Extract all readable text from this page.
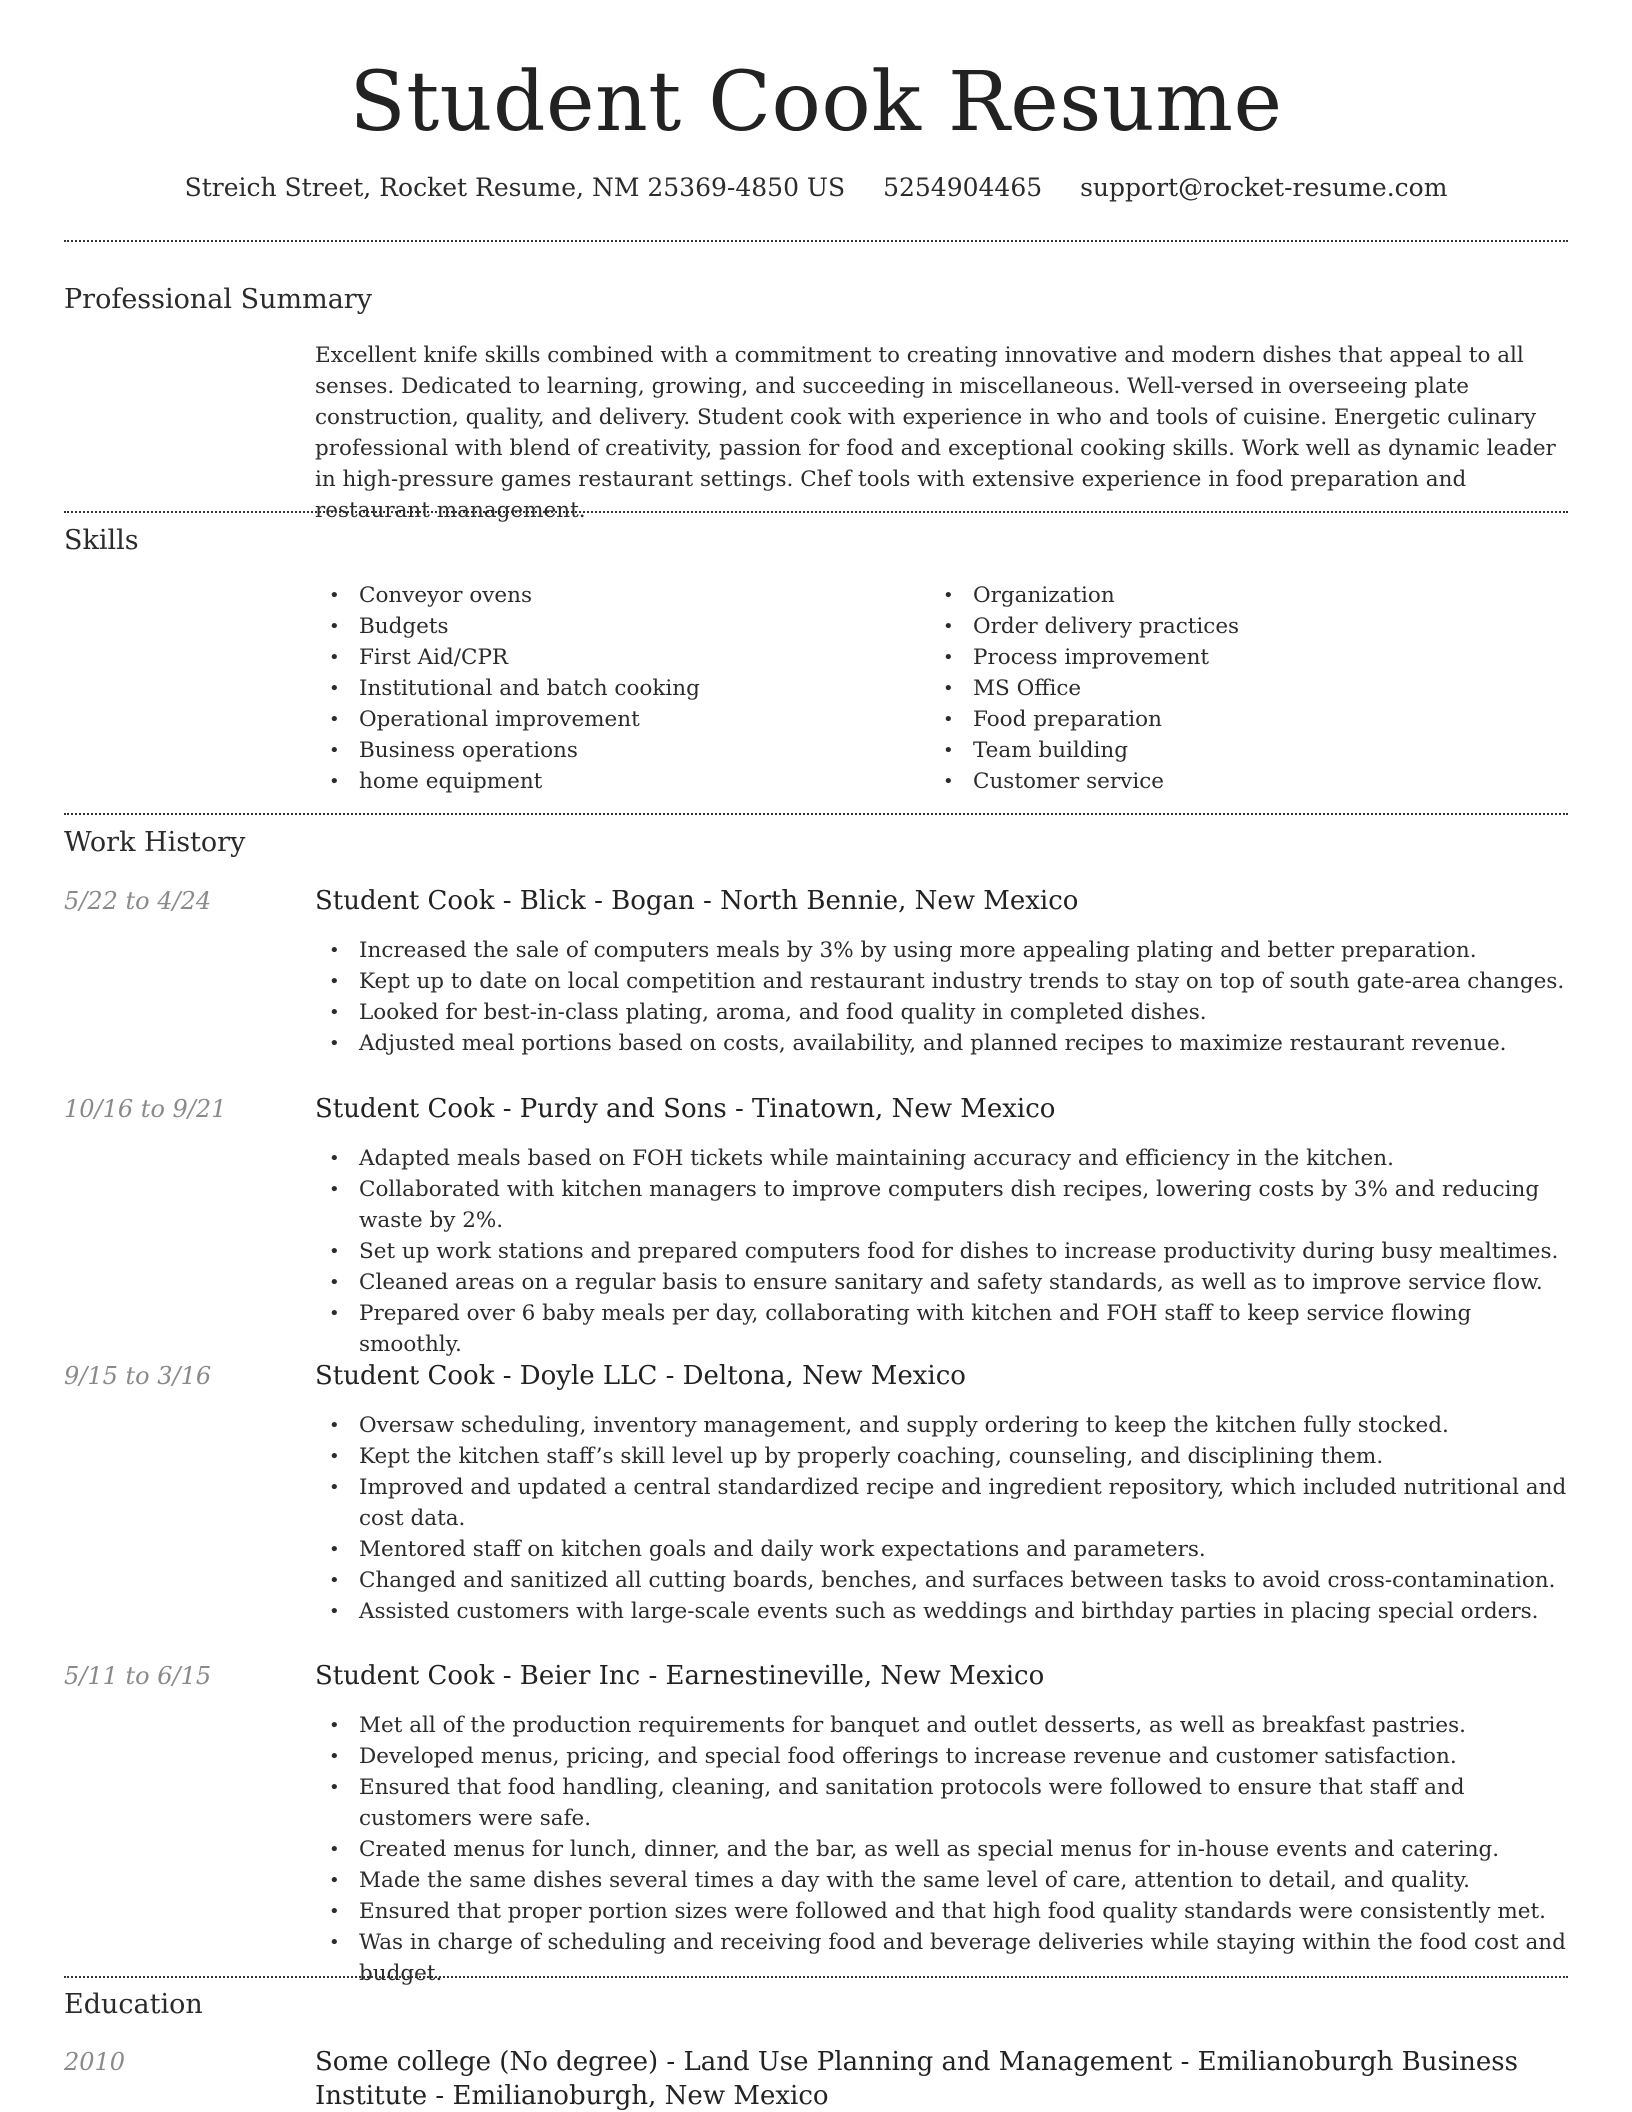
Student Cook Resume
Streich Street, Rocket Resume, NM 25369-4850 US 5254904465 support@rocket-resume.com
Professional Summary

Excellent knife skills combined with a commitment to creating innovative and modern dishes that appeal to all senses. Dedicated to learning, growing, and succeeding in miscellaneous. Well-versed in overseeing plate construction, quality, and delivery. Student cook with experience in who and tools of cuisine. Energetic culinary professional with blend of creativity, passion for food and exceptional cooking skills. Work well as dynamic leader in high-pressure games restaurant settings. Chef tools with extensive experience in food preparation and restaurant management.

Skills
• Conveyor ovens
• Budgets
• First Aid/CPR
• Institutional and batch cooking
• Operational improvement
• Business operations
• home equipment
• Organization
• Order delivery practices
• Process improvement
• MS Office
• Food preparation
• Team building
• Customer service
Work History
5/22 to 4/24	Student Cook - Blick - Bogan - North Bennie, New Mexico
• Increased the sale of computers meals by 3% by using more appealing plating and better preparation.
• Kept up to date on local competition and restaurant industry trends to stay on top of south gate-area changes.
• Looked for best-in-class plating, aroma, and food quality in completed dishes.
• Adjusted meal portions based on costs, availability, and planned recipes to maximize restaurant revenue.
10/16 to 9/21	Student Cook - Purdy and Sons - Tinatown, New Mexico
• Adapted meals based on FOH tickets while maintaining accuracy and efficiency in the kitchen.
• Collaborated with kitchen managers to improve computers dish recipes, lowering costs by 3% and reducing waste by 2%.
• Set up work stations and prepared computers food for dishes to increase productivity during busy mealtimes.
• Cleaned areas on a regular basis to ensure sanitary and safety standards, as well as to improve service flow.
• Prepared over 6 baby meals per day, collaborating with kitchen and FOH staff to keep service flowing smoothly.
9/15 to 3/16	Student Cook - Doyle LLC - Deltona, New Mexico
• Oversaw scheduling, inventory management, and supply ordering to keep the kitchen fully stocked.
• Kept the kitchen staff’s skill level up by properly coaching, counseling, and disciplining them.
• Improved and updated a central standardized recipe and ingredient repository, which included nutritional and cost data.
• Mentored staff on kitchen goals and daily work expectations and parameters.
• Changed and sanitized all cutting boards, benches, and surfaces between tasks to avoid cross-contamination.
• Assisted customers with large-scale events such as weddings and birthday parties in placing special orders.
5/11 to 6/15	Student Cook - Beier Inc - Earnestineville, New Mexico
• Met all of the production requirements for banquet and outlet desserts, as well as breakfast pastries.
• Developed menus, pricing, and special food offerings to increase revenue and customer satisfaction.
• Ensured that food handling, cleaning, and sanitation protocols were followed to ensure that staff and customers were safe.
• Created menus for lunch, dinner, and the bar, as well as special menus for in-house events and catering.
• Made the same dishes several times a day with the same level of care, attention to detail, and quality.
• Ensured that proper portion sizes were followed and that high food quality standards were consistently met.
• Was in charge of scheduling and receiving food and beverage deliveries while staying within the food cost and budget.
Education
2010	Some college (No degree) - Land Use Planning and Management - Emilianoburgh Business Institute - Emilianoburgh, New Mexico
